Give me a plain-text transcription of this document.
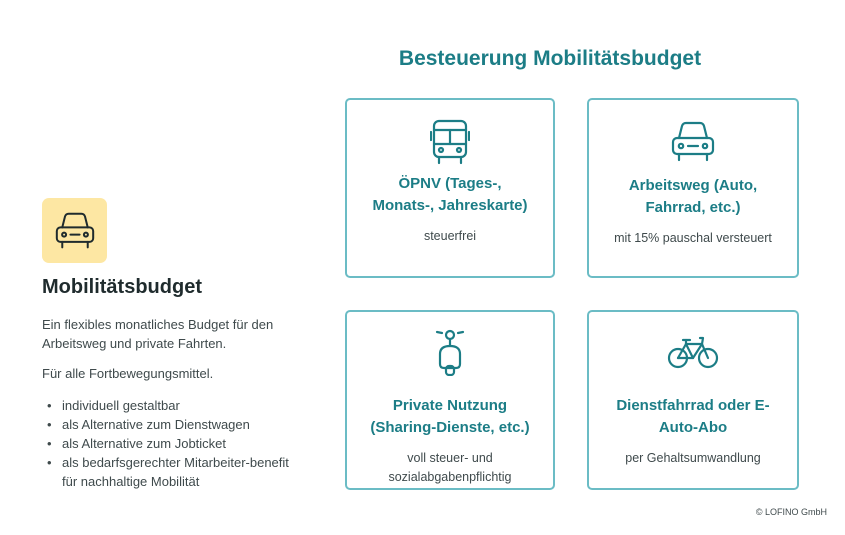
Besteuerung Mobilitätsbudget
ÖPNV (Tages-, Monats-, Jahreskarte)
steuerfrei
Arbeitsweg (Auto, Fahrrad, etc.)
mit 15% pauschal versteuert
Private Nutzung (Sharing-Dienste, etc.)
voll steuer- und sozialabgabenpflichtig
Dienstfahrrad oder E-Auto-Abo
per Gehaltsumwandlung
Mobilitätsbudget
Ein flexibles monatliches Budget für den Arbeitsweg und private Fahrten.
Für alle Fortbewegungsmittel.
• individuell gestaltbar
• als Alternative zum Dienstwagen
• als Alternative zum Jobticket
• als bedarfsgerechter Mitarbeiter-benefit für nachhaltige Mobilität
© LOFINO GmbH
